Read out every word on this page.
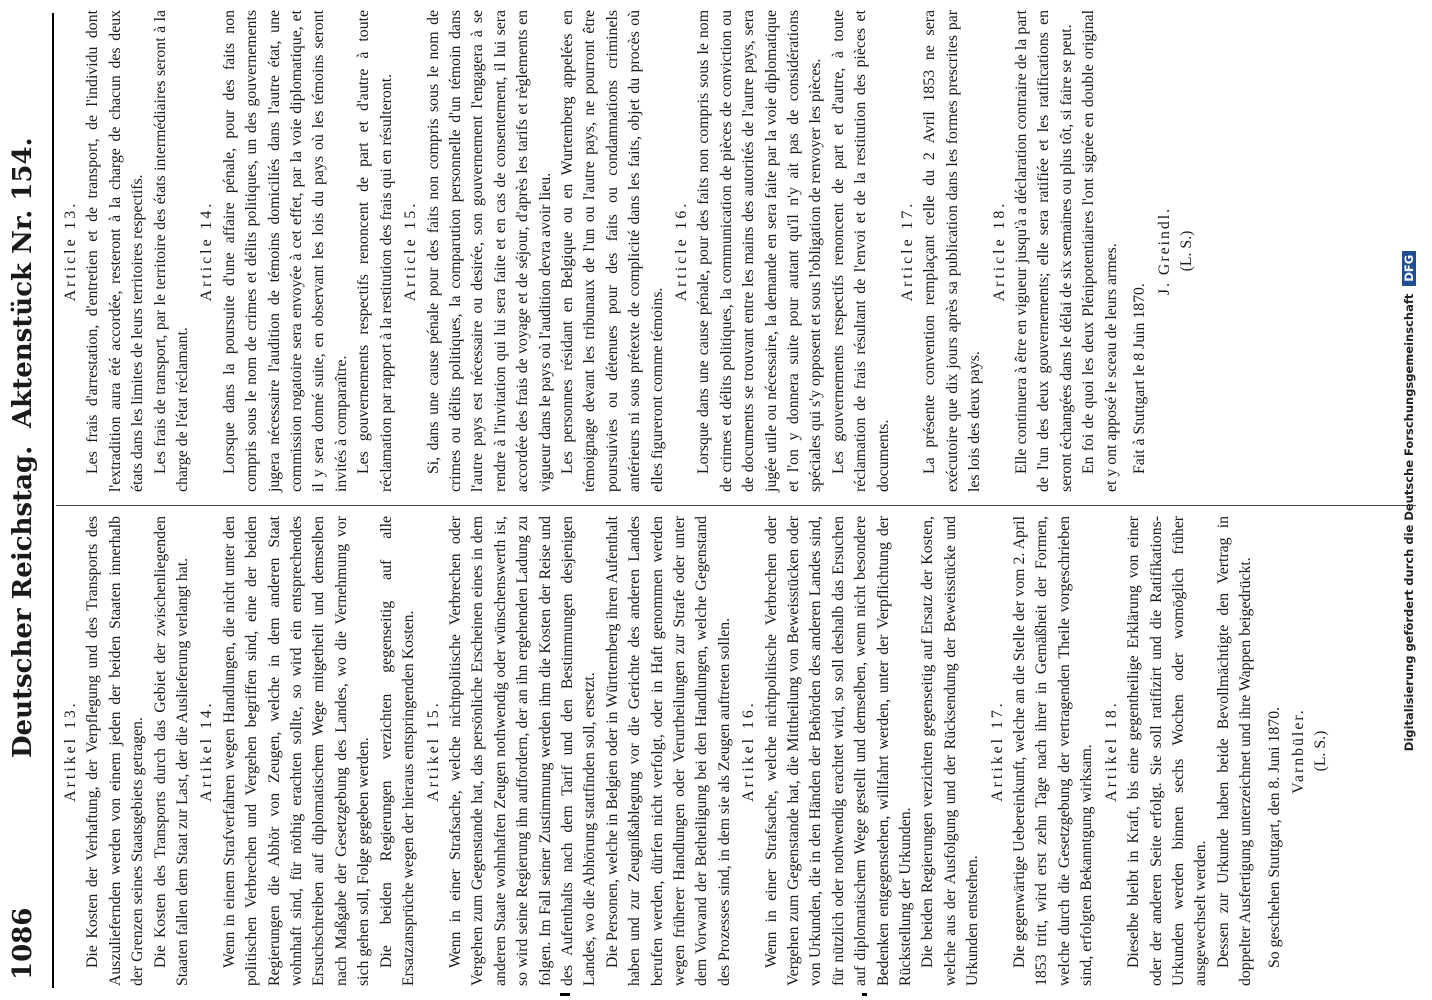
1086
Deutscher Reichstag.
Aktenstück Nr. 154.
Artikel 13. Die Kosten der Verhaftung, der Verpflegung und des Transports des Auszuliefernden werden von einem jeden der beiden Staaten innerhalb der Grenzen seines Staatsgebiets getragen. Die Kosten des Transports durch das Gebiet der zwischenliegenden Staaten fallen dem Staat zur Last, der die Auslieferung verlangt hat. Artikel 14. Wenn in einem Strafverfahren wegen Handlungen, die nicht unter den politischen Verbrechen und Vergehen begriffen sind, eine der beiden Regierungen die Abhör von Zeugen, welche in dem anderen Staat wohnhaft sind, für nöthig erachten sollte, so wird ein entsprechendes Ersuchschreiben auf diplomatischem Wege mitgetheilt und demselben nach Maßgabe der Gesetzgebung des Landes, wo die Vernehmung vor sich gehen soll, Folge gegeben werden. Die beiden Regierungen verzichten gegenseitig auf alle Ersatzansprüche wegen der hieraus entspringenden Kosten. Artikel 15. Wenn in einer Strafsache, welche nichtpolitische Verbrechen oder Vergehen zum Gegenstande hat, das persönliche Erscheinen eines in dem anderen Staate wohnhaften Zeugen nothwendig oder wünschenswerth ist, so wird seine Regierung ihn auffordern, der an ihn ergehenden Ladung zu folgen. Im Fall seiner Zustimmung werden ihm die Kosten der Reise und des Aufenthalts nach dem Tarif und den Bestimmungen desjenigen Landes, wo die Abhörung stattfinden soll, ersetzt. Die Personen, welche in Belgien oder in Württemberg ihren Aufenthalt haben und zur Zeugnißablegung vor die Gerichte des anderen Landes berufen werden, dürfen nicht verfolgt, oder in Haft genommen werden wegen früherer Handlungen oder Verurtheilungen zur Strafe oder unter dem Vorwand der Betheiligung bei den Handlungen, welche Gegenstand des Prozesses sind, in dem sie als Zeugen auftreten sollen. Artikel 16. Wenn in einer Strafsache, welche nichtpolitische Verbrechen oder Vergehen zum Gegenstande hat, die Mittheilung von Beweisstücken oder von Urkunden, die in den Händen der Behörden des anderen Landes sind, für nützlich oder nothwendig erachtet wird, so soll deshalb das Ersuchen auf diplomatischem Wege gestellt und demselben, wenn nicht besondere Bedenken entgegenstehen, willfahrt werden, unter der Verpflichtung der Rückstellung der Urkunden. Die beiden Regierungen verzichten gegenseitig auf Ersatz der Kosten, welche aus der Ausfolgung und der Rücksendung der Beweisstücke und Urkunden entstehen.

Artikel 17. Die gegenwärtige Uebereinkunft, welche an die Stelle der vom 2. April 1853 tritt, wird erst zehn Tage nach ihrer in Gemäßheit der Formen, welche durch die Gesetzgebung der vertragenden Theile vorgeschrieben sind, erfolgten Bekanntgung wirksam. Artikel 18. Dieselbe bleibt in Kraft, bis eine gegentheilige Erklärung von einer oder der anderen Seite erfolgt. Sie soll ratifizirt und die Ratifikations-Urkunden werden binnen sechs Wochen oder womöglich früher ausgewechselt werden. Dessen zur Urkunde haben beide Bevollmächtigte den Vertrag in doppelter Ausfertigung unterzeichnet und ihre Wappen beigedrückt. So geschehen Stuttgart, den 8. Juni 1870. Varnbüler. (L. S.)

Article 13. Les frais d'arrestation, d'entretien et de transport, de l'individu dont l'extradition aura été accordée, resteront à la charge de chacun des deux états dans les limites de leurs territoires respectifs. Les frais de transport, par le territoire des états intermédiaires seront à la charge de l'état réclamant.

Article 14. Lorsque dans la poursuite d'une affaire pénale, pour des faits non compris sous le nom de crimes et délits politiques, un des gouvernements jugera nécessaire l'audition de témoins domiciliés dans l'autre état, une commission rogatoire sera envoyée à cet effet, par la voie diplomatique, et il y sera donné suite, en observant les lois du pays où les témoins seront invités à comparaître. Les gouvernements respectifs renoncent de part et d'autre à toute réclamation par rapport à la restitution des frais qui en résulteront. Article 15. Si, dans une cause pénale pour des faits non compris sous le nom de crimes ou délits politiques, la comparution personnelle d'un témoin dans l'autre pays est nécessaire ou desirée, son gouvernement l'engagera à se rendre à l'invitation qui lui sera faite et en cas de consentement, il lui sera accordée des frais de voyage et de séjour, d'après les tarifs et règlements en vigueur dans le pays où l'audition devra avoir lieu. Les personnes résidant en Belgique ou en Wurtemberg appelées en témoignage devant les tribunaux de l'un ou l'autre pays, ne pourront être poursuivies ou détenues pour des faits ou condamnations criminels antérieurs ni sous prétexte de complicité dans les faits, objet du procès où elles figureront comme témoins.

Article 16. Lorsque dans une cause pénale, pour des faits non compris sous le nom de crimes et délits politiques, la communication de pièces de conviction ou de documents se trouvant entre les mains des autorités de l'autre pays, sera jugée utile ou nécessaire, la demande en sera faite par la voie diplomatique et l'on y donnera suite pour autant qu'il n'y ait pas de considérations spéciales qui s'y opposent et sous l'obligation de renvoyer les pièces. Les gouvernements respectifs renoncent de part et d'autre, à toute réclamation de frais résultant de l'envoi et de la restitution des pièces et documents.

Article 17. La présente convention remplaçant celle du 2 Avril 1853 ne sera exécutoire que dix jours après sa publication dans les formes prescrites par les lois des deux pays.

Article 18. Elle continuera à être en vigueur jusqu'à a déclaration contraire de la part de l'un des deux gouvernements; elle sera ratifiée et les ratifications en seront échangées dans le délai de six semaines ou plus tôt, si faire se peut. En foi de quoi les deux Plénipotentiaires l'ont signée en double original et y ont apposé le sceau de leurs armes. Fait à Stuttgart le 8 Juin 1870.

J. Greindl. (L. S.)

Digitalisierung gefördert durch die Deutsche Forschungsgemeinschaft DFG
